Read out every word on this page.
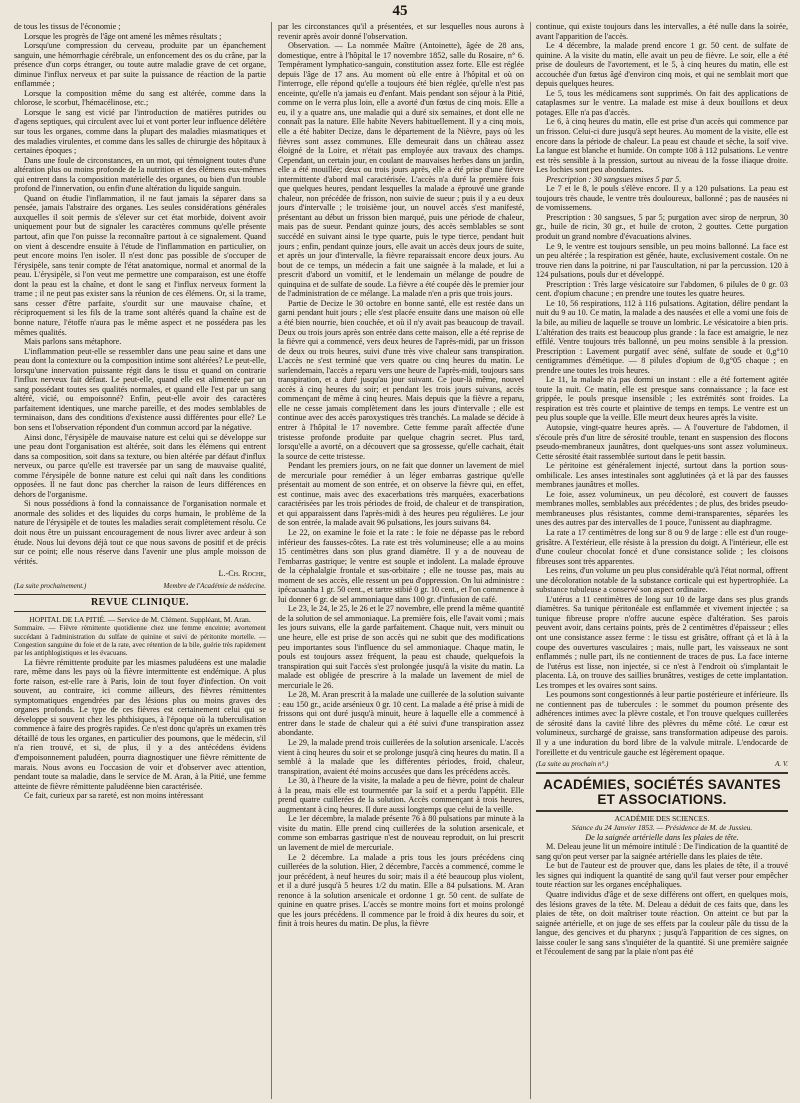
45

de tous les tissus de l'économie ;

Lorsque les progrès de l'âge ont amené les mêmes résultats ;

Lorsqu'une compression du cerveau, produite par un épanchement sanguin, une hémorrhagie cérébrale, un enfoncement des os du crâne, par la présence d'un corps étranger, ou toute autre maladie grave de cet organe, diminue l'influx nerveux et par suite la puissance de réaction de la partie enflammée ;

Lorsque la composition même du sang est altérée, comme dans la chlorose, le scorbut, l'hémacélinose, etc.;

Lorsque le sang est vicié par l'introduction de matières putrides ou d'agens septiques, qui circulent avec lui et vont porter leur influence délétère sur tous les organes, comme dans la plupart des maladies miasmatiques et des maladies virulentes, et comme dans les salles de chirurgie des hôpitaux à certaines époques ;

Dans une foule de circonstances, en un mot, qui témoignent toutes d'une altération plus ou moins profonde de la nutrition et des élémens eux-mêmes qui entrent dans la composition matérielle des organes, ou bien d'un trouble profond de l'innervation, ou enfin d'une altération du liquide sanguin.

Quand on étudie l'inflammation, il ne faut jamais la séparer dans sa pensée, jamais l'abstraire des organes. Les seules considérations générales auxquelles il soit permis de s'élever sur cet état morbide, doivent avoir uniquement pour but de signaler les caractères communs qu'elle présente partout, afin que l'on puisse la reconnaître partout à ce signalement. Quand on vient à descendre ensuite à l'étude de l'inflammation en particulier, on peut encore moins l'en isoler. Il n'est donc pas possible de s'occuper de l'érysipèle, sans tenir compte de l'état anatomique, normal et anormal de la peau. L'érysipèle, si l'on veut me permettre une comparaison, est une étoffe dont la peau est la chaîne, et dont le sang et l'influx nerveux forment la trame ; il ne peut pas exister sans la réunion de ces élémens. Or, si la trame, sans cesser d'être parfaite, s'ourdit sur une mauvaise chaîne, et réciproquement si les fils de la trame sont altérés quand la chaîne est de bonne nature, l'étoffe n'aura pas le même aspect et ne possédera pas les mêmes qualités.

Mais parlons sans métaphore.

L'inflammation peut-elle se ressembler dans une peau saine et dans une peau dont la contexture ou la composition intime sont altérées? Le peut-elle, lorsqu'une innervation puissante régit dans le tissu et quand on contrarie l'influx nerveux fait défaut. Le peut-elle, quand elle est alimentée par un sang possédant toutes ses qualités normales, et quand elle l'est par un sang altéré, vicié, ou empoisonné? Enfin, peut-elle avoir des caractères parfaitement identiques, une marche pareille, et des modes semblables de terminaison, dans des conditions d'existence aussi différentes pour elle? Le bon sens et l'observation répondent d'un commun accord par la négative.

Ainsi donc, l'érysipèle de mauvaise nature est celui qui se développe sur une peau dont l'organisation est altérée, soit dans les élémens qui entrent dans sa composition, soit dans sa texture, ou bien altérée par défaut d'influx nerveux, ou parce qu'elle est traversée par un sang de mauvaise qualité, comme l'érysipèle de bonne nature est celui qui naît dans les conditions opposées. Il ne faut donc pas chercher la raison de leurs différences en dehors de l'organisme.

Si nous possédions à fond la connaissance de l'organisation normale et anormale des solides et des liquides du corps humain, le problème de la nature de l'érysipèle et de toutes les maladies serait complètement résolu. Ce doit nous être un puissant encouragement de nous livrer avec ardeur à son étude. Nous lui devons déjà tout ce que nous savons de positif et de précis sur ce point; elle nous réserve dans l'avenir une plus ample moisson de vérités.

L.-Ch. Roche,

(La suite prochainement.)	Membre de l'Académie de médecine.
REVUE CLINIQUE.
HOPITAL DE LA PITIÉ. — Service de M. Clément. Suppléant, M. Aran.

Sommaire. — Fièvre rémittente quotidienne chez une femme enceinte; avortement succédant à l'administration du sulfate de quinine et suivi de péritonite mortelle. — Congestion sanguine du foie et de la rate, avec rétention de la bile, guérie très rapidement par les antiphlogistiques et les évacuans.

La fièvre rémittente produite par les miasmes paludéens est une maladie rare, même dans les pays où la fièvre intermittente est endémique. A plus forte raison, est-elle rare à Paris, loin de tout foyer d'infection. On voit souvent, au contraire, ici comme ailleurs, des fièvres rémittentes symptomatiques engendrées par des lésions plus ou moins graves des organes profonds. Le type de ces fièvres est certainement celui qui se développe si souvent chez les phthisiques, à l'époque où la tuberculisation commence à faire des progrès rapides. Ce n'est donc qu'après un examen très détaillé de tous les organes, en particulier des poumons, que le médecin, s'il n'a rien trouvé, et si, de plus, il y a des antécédens évidens d'empoisonnement paludéen, pourra diagnostiquer une fièvre rémittente de marais. Nous avons eu l'occasion de voir et d'observer avec attention, pendant toute sa maladie, dans le service de M. Aran, à la Pitié, une femme atteinte de fièvre rémittente paludéenne bien caractérisée.

Ce fait, curieux par sa rareté, est non moins intéressant

par les circonstances qu'il a présentées, et sur lesquelles nous aurons à revenir après avoir donné l'observation.

Observation. — La nommée Maître (Antoinette), âgée de 28 ans, domestique, entre à l'hôpital le 17 novembre 1852, salle du Rosaire, n° 6. Tempérament lymphatico-sanguin, constitution assez forte. Elle est réglée depuis l'âge de 17 ans. Au moment où elle entre à l'hôpital et où on l'interroge, elle répond qu'elle a toujours été bien réglée, qu'elle n'est pas enceinte, qu'elle n'a jamais eu d'enfant. Mais pendant son séjour à la Pitié, comme on le verra plus loin, elle a avorté d'un fœtus de cinq mois. Elle a eu, il y a quatre ans, une maladie qui a duré six semaines, et dont elle ne connaît pas la nature. Elle habite Nevers habituellement. Il y a cinq mois, elle a été habiter Decize, dans le département de la Nièvre, pays où les fièvres sont assez communes. Elle demeurait dans un château assez éloigné de la Loire, et n'était pas employée aux travaux des champs. Cependant, un certain jour, en coulant de mauvaises herbes dans un jardin, elle a été mouillée; deux ou trois jours après, elle a été prise d'une fièvre intermittente d'abord mal caractérisée. L'accès n'a duré la première fois que quelques heures, pendant lesquelles la malade a éprouvé une grande chaleur, non précédée de frisson, non suivie de sueur ; puis il y a eu deux jours d'intervalle ; le troisième jour, un nouvel accès s'est manifesté, présentant au début un frisson bien marqué, puis une période de chaleur, mais pas de sueur. Pendant quinze jours, des accès semblables se sont succédé en suivant ainsi le type quarte, puis le type tierce, pendant huit jours ; enfin, pendant quinze jours, elle avait un accès deux jours de suite, et après un jour d'intervalle, la fièvre reparaissait encore deux jours. Au bout de ce temps, un médecin a fait une saignée à la malade, et lui a prescrit d'abord un vomitif, et le lendemain un mélange de poudre de quinquina et de sulfate de soude. La fièvre a été coupée dès le premier jour de l'administration de ce mélange. La malade n'en a pris que trois jours.

Partie de Decize le 30 octobre en bonne santé, elle est restée dans un garni pendant huit jours ; elle s'est placée ensuite dans une maison où elle a été bien nourrie, bien couchée, et où il n'y avait pas beaucoup de travail. Deux ou trois jours après son entrée dans cette maison, elle a été reprise de la fièvre qui a commencé, vers deux heures de l'après-midi, par un frisson de deux ou trois heures, suivi d'une très vive chaleur sans transpiration. L'accès ne s'est terminé que vers quatre ou cinq heures du matin. Le surlendemain, l'accès a reparu vers une heure de l'après-midi, toujours sans transpiration, et a duré jusqu'au jour suivant. Ce jour-là même, nouvel accès à cinq heures du soir; et pendant les trois jours suivans, accès commençant de même à cinq heures. Mais depuis que la fièvre a reparu, elle ne cesse jamais complètement dans les jours d'intervalle ; elle est continue avec des accès paroxystiques très tranchés. La malade se décide à entrer à l'hôpital le 17 novembre. Cette femme paraît affectée d'une tristesse profonde produite par quelque chagrin secret. Plus tard, lorsqu'elle a avorté, on a découvert que sa grossesse, qu'elle cachait, était la source de cette tristesse.

Pendant les premiers jours, on ne fait que donner un lavement de miel de mercuriale pour remédier à un léger embarras gastrique qu'elle présentait au moment de son entrée, et on observe la fièvre qui, en effet, est continue, mais avec des exacerbations très marquées, exacerbations caractérisées par les trois périodes de froid, de chaleur et de transpiration, et qui apparaissent dans l'après-midi à des heures peu régulières. Le jour de son entrée, la malade avait 96 pulsations, les jours suivans 84.

Le 22, on examine le foie et la rate : le foie ne dépasse pas le rebord inférieur des fausses-côtes. La rate est très volumineuse; elle a au moins 15 centimètres dans son plus grand diamètre. Il y a de nouveau de l'embarras gastrique; le ventre est souple et indolent. La malade éprouve de la céphalalgie frontale et sus-orbitaire ; elle ne tousse pas, mais au moment de ses accès, elle ressent un peu d'oppression. On lui administre : ipécacuanha 1 gr. 50 cent., et tartre stibié 0 gr. 10 cent., et l'on commence à lui donner 6 gr. de sel ammoniaque dans 100 gr. d'infusion de café.

Le 23, le 24, le 25, le 26 et le 27 novembre, elle prend la même quantité de la solution de sel ammoniaque. La première fois, elle l'avait vomi ; mais les jours suivans, elle la garde parfaitement. Chaque nuit, vers minuit ou une heure, elle est prise de son accès qui ne subit que des modifications peu importantes sous l'influence du sel ammoniaque. Chaque matin, le pouls est toujours assez fréquent, la peau est chaude, quelquefois la transpiration qui suit l'accès s'est prolongée jusqu'à la visite du matin. La malade est obligée de prescrire à la malade un lavement de miel de mercuriale le 26.

Le 28, M. Aran prescrit à la malade une cuillerée de la solution suivante : eau 150 gr., acide arsénieux 0 gr. 10 cent. La malade a été prise à midi de frissons qui ont duré jusqu'à minuit, heure à laquelle elle a commencé à entrer dans le stade de chaleur qui a été suivi d'une transpiration assez abondante.

Le 29, la malade prend trois cuillerées de la solution arsenicale. L'accès vient à cinq heures du soir et se prolonge jusqu'à cinq heures du matin. Il a semblé à la malade que les différentes périodes, froid, chaleur, transpiration, avaient été moins accusées que dans les précédens accès.

Le 30, à l'heure de la visite, la malade a peu de fièvre, point de chaleur à la peau, mais elle est tourmentée par la soif et a perdu l'appétit. Elle prend quatre cuillerées de la solution. Accès commençant à trois heures, augmentant à cinq heures. Il dure aussi longtemps que celui de la veille.

Le 1er décembre, la malade présente 76 à 80 pulsations par minute à la visite du matin. Elle prend cinq cuillerées de la solution arsenicale, et comme son embarras gastrique n'est de nouveau reproduit, on lui prescrit un lavement de miel de mercuriale.

Le 2 décembre. La malade a pris tous les jours précédens cinq cuillerées de la solution. Hier, 2 décembre, l'accès a commencé, comme le jour précédent, à neuf heures du soir; mais il a été beaucoup plus violent, et il a duré jusqu'à 5 heures 1/2 du matin. Elle a 84 pulsations. M. Aran renonce à la solution arsenicale et ordonne 1 gr. 50 cent. de sulfate de quinine en quatre prises. L'accès se montre moins fort et moins prolongé que les jours précédens. Il commence par le froid à dix heures du soir, et finit à trois heures du matin. De plus, la fièvre

continue, qui existe toujours dans les intervalles, a été nulle dans la soirée, avant l'apparition de l'accès.

Le 4 décembre, la malade prend encore 1 gr. 50 cent. de sulfate de quinine. A la visite du matin, elle avait un peu de fièvre. Le soir, elle a été prise de douleurs de l'avortement, et le 5, à cinq heures du matin, elle est accouchée d'un fœtus âgé d'environ cinq mois, et qui ne semblait mort que depuis quelques heures.

Le 5, tous les médicamens sont supprimés. On fait des applications de cataplasmes sur le ventre. La malade est mise à deux bouillons et deux potages. Elle n'a pas d'accès.

Le 6, à cinq heures du matin, elle est prise d'un accès qui commence par un frisson. Celui-ci dure jusqu'à sept heures. Au moment de la visite, elle est encore dans la période de chaleur. La peau est chaude et sèche, la soif vive. La langue est blanche et humide. On compte 108 à 112 pulsations. Le ventre est très sensible à la pression, surtout au niveau de la fosse iliaque droite. Les lochies sont peu abondantes.

Prescription : 30 sangsues mises 5 par 5.

Le 7 et le 8, le pouls s'élève encore. Il y a 120 pulsations. La peau est toujours très chaude, le ventre très douloureux, ballonné ; pas de nausées ni de vomissemens.

Prescription : 30 sangsues, 5 par 5; purgation avec sirop de nerprun, 30 gr., huile de ricin, 30 gr., et huile de croton, 2 gouttes. Cette purgation produit un grand nombre d'évacuations alvines.

Le 9, le ventre est toujours sensible, un peu moins ballonné. La face est un peu altérée ; la respiration est gênée, haute, exclusivement costale. On ne trouve rien dans la poitrine, ni par l'auscultation, ni par la percussion. 120 à 124 pulsations, pouls dur et développé.

Prescription : Très large vésicatoire sur l'abdomen, 6 pilules de 0 gr. 03 cent. d'opium chacune ; en prendre une toutes les quatre heures.

Le 10, 56 respirations, 112 à 116 pulsations. Agitation, délire pendant la nuit du 9 au 10. Ce matin, la malade a des nausées et elle a vomi une fois de la bile, au milieu de laquelle se trouve un lombric. Le vésicatoire a bien pris. L'altération des traits est beaucoup plus grande : la face est amaigrie, le nez effilé. Ventre toujours très ballonné, un peu moins sensible à la pression. Prescription : Lavement purgatif avec séné, sulfate de soude et 0,g°10 centigrammes d'émétique. — 8 pilules d'opium de 0,g°05 chaque ; en prendre une toutes les trois heures.

Le 11, la malade n'a pas dormi un instant : elle a été fortement agitée toute la nuit. Ce matin, elle est presque sans connaissance ; la face est grippée, le pouls presque insensible ; les extrémités sont froides. La respiration est très courte et plaintive de temps en temps. Le ventre est un peu plus souple que la veille. Elle meurt deux heures après la visite.

Autopsie, vingt-quatre heures après. — A l'ouverture de l'abdomen, il s'écoule près d'un litre de sérosité trouble, tenant en suspension des flocons pseudo-membraneux jaunâtres, dont quelques-uns sont assez volumineux. Cette sérosité était rassemblée surtout dans le petit bassin.

Le péritoine est généralement injecté, surtout dans la portion sous-ombilicale. Les anses intestinales sont agglutinées çà et là par des fausses membranes jaunâtres et molles.

Le foie, assez volumineux, un peu décoloré, est couvert de fausses membranes molles, semblables aux précédentes ; de plus, des brides pseudo-membraneuses plus résistantes, comme demi-transparentes, séparées les unes des autres par des intervalles de 1 pouce, l'unissent au diaphragme.

La rate a 17 centimètres de long sur 8 ou 9 de large : elle est d'un rouge-grisâtre. A l'extérieur, elle résiste à la pression du doigt. A l'intérieur, elle est d'une couleur chocolat foncé et d'une consistance solide ; les cloisons fibreuses sont très apparentes.

Les reins, d'un volume un peu plus considérable qu'à l'état normal, offrent une décoloration notable de la substance corticale qui est hypertrophiée. La substance tubuleuse a conservé son aspect ordinaire.

L'utérus a 11 centimètres de long sur 10 de large dans ses plus grands diamètres. Sa tunique péritonéale est enflammée et vivement injectée ; sa tunique fibreuse propre n'offre aucune espèce d'altération. Ses parois peuvent avoir, dans certains points, près de 2 centimètres d'épaisseur ; elles ont une consistance assez ferme : le tissu est grisâtre, offrant çà et là à la coupe des ouvertures vasculaires ; mais, nulle part, les vaisseaux ne sont enflammés ; nulle part, ils ne contiennent de traces de pus. La face interne de l'utérus est lisse, non injectée, si ce n'est à l'endroit où s'implantait le placenta. Là, on trouve des saillies brunâtres, vestiges de cette implantation. Les trompes et les ovaires sont sains.

Les poumons sont congestionnés à leur partie postérieure et inférieure. Ils ne contiennent pas de tubercules : le sommet du poumon présente des adhérences intimes avec la plèvre costale, et l'on trouve quelques cuillerées de sérosité dans la cavité libre des plèvres du même côté. Le cœur est volumineux, surchargé de graisse, sans transformation adipeuse des parois. Il y a une induration du bord libre de la valvule mitrale. L'endocarde de l'oreillette et du ventricule gauche est légèrement opaque.

(La suite au prochain n°.)	A. V.
ACADÉMIES, SOCIÉTÉS SAVANTES ET ASSOCIATIONS.
ACADÉMIE DES SCIENCES.
Séance du 24 Janvier 1853. — Présidence de M. de Jussieu.
De la saignée artérielle dans les plaies de tête.

M. Deleau jeune lit un mémoire intitulé : De l'indication de la quantité de sang qu'on peut verser par la saignée artérielle dans les plaies de tête.

Le but de l'auteur est de prouver que, dans les plaies de tête, il a trouvé les signes qui indiquent la quantité de sang qu'il faut verser pour empêcher toute réaction sur les organes encéphaliques.

Quatre individus d'âge et de sexe différens ont offert, en quelques mois, des lésions graves de la tête. M. Deleau a déduit de ces faits que, dans les plaies de tête, on doit maîtriser toute réaction. On atteint ce but par la saignée artérielle, et on juge de ses effets par la couleur pâle du tissu de la langue, des gencives et du pharynx ; jusqu'à l'apparition de ces signes, on laisse couler le sang sans s'inquiéter de la quantité. Si une première saignée et l'écoulement de sang par la plaie n'ont pas été
